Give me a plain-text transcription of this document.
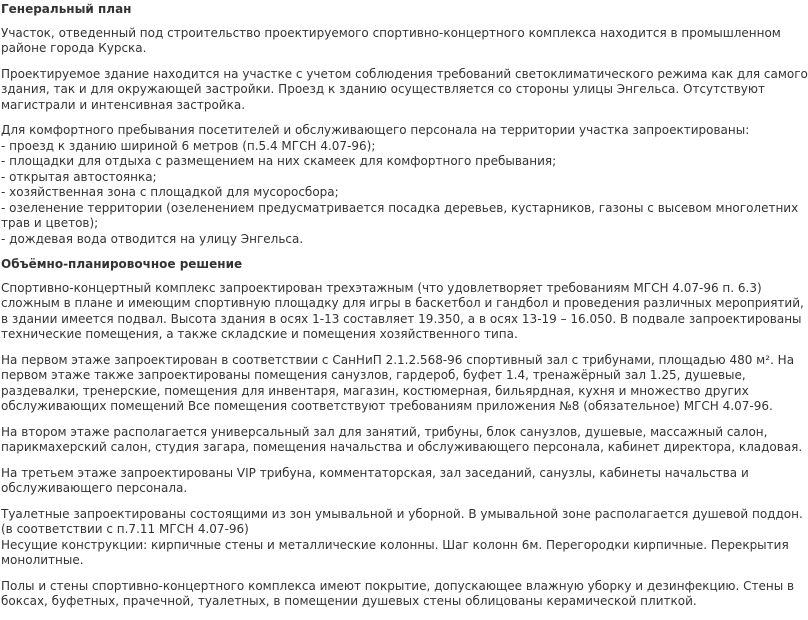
Генеральный план
Участок, отведенный под строительство проектируемого спортивно-концертного комплекса находится в промышленном
районе города Курска.
Проектируемое здание находится на участке с учетом соблюдения требований светоклиматического режима как для самого
здания, так и для окружающей застройки. Проезд к зданию осуществляется со стороны улицы Энгельса. Отсутствуют
магистрали и интенсивная застройка.
Для комфортного пребывания посетителей и обслуживающего персонала на территории участка запроектированы:
- проезд к зданию шириной 6 метров (п.5.4 МГСН 4.07-96);
- площадки для отдыха с размещением на них скамеек для комфортного пребывания;
- открытая автостоянка;
- хозяйственная зона с площадкой для мусоросбора;
- озеленение территории (озеленением предусматривается посадка деревьев, кустарников, газоны с высевом многолетних
трав и цветов);
- дождевая вода отводится на улицу Энгельса.
Объёмно-планировочное решение
Спортивно-концертный комплекс запроектирован трехэтажным (что удовлетворяет требованиям МГСН 4.07-96 п. 6.3)
сложным в плане и имеющим спортивную площадку для игры в баскетбол и гандбол и проведения различных мероприятий,
в здании имеется подвал. Высота здания в осях 1-13 составляет 19.350, а в осях 13-19 – 16.050. В подвале запроектированы
технические помещения, а также складские и помещения хозяйственного типа.
На первом этаже запроектирован в соответствии с СанНиП 2.1.2.568-96 спортивный зал с трибунами, площадью 480 м². На
первом этаже также запроектированы помещения санузлов, гардероб, буфет 1.4, тренажёрный зал 1.25, душевые,
раздевалки, тренерские, помещения для инвентаря, магазин, костюмерная, бильярдная, кухня и множество других
обслуживающих помещений Все помещения соответствуют требованиям приложения №8 (обязательное) МГСН 4.07-96.
На втором этаже располагается универсальный зал для занятий, трибуны, блок санузлов, душевые, массажный салон,
парикмахерский салон, студия загара, помещения начальства и обслуживающего персонала, кабинет директора, кладовая.
На третьем этаже запроектированы VIP трибуна, комментаторская, зал заседаний, санузлы, кабинеты начальства и
обслуживающего персонала.
Туалетные запроектированы состоящими из зон умывальной и уборной. В умывальной зоне располагается душевой поддон.
(в соответствии с п.7.11 МГСН 4.07-96)
Несущие конструкции: кирпичные стены и металлические колонны. Шаг колонн 6м. Перегородки кирпичные. Перекрытия
монолитные.
Полы и стены спортивно-концертного комплекса имеют покрытие, допускающее влажную уборку и дезинфекцию. Стены в
боксах, буфетных, прачечной, туалетных, в помещении душевых стены облицованы керамической плиткой.
